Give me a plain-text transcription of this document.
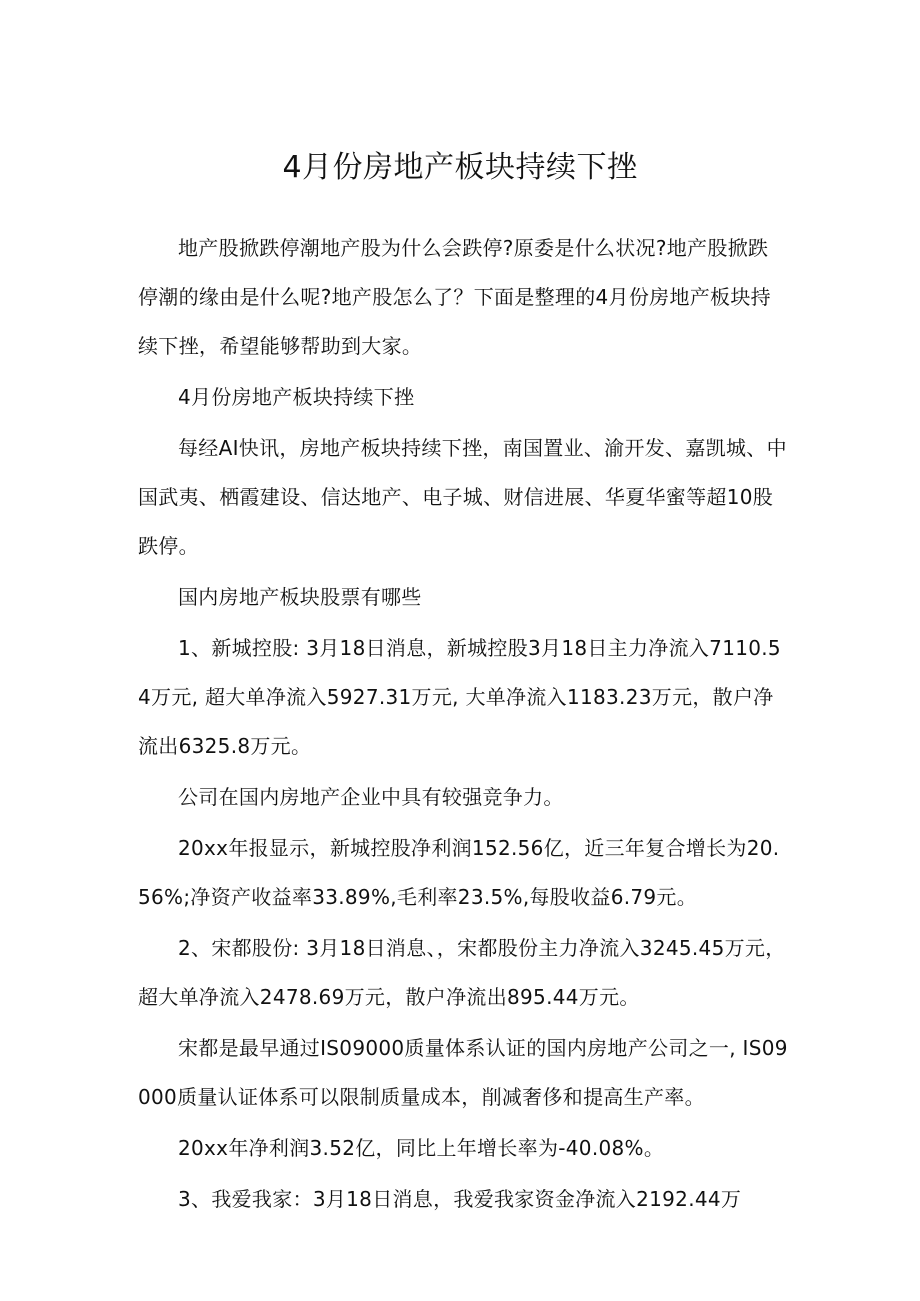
4月份房地产板块持续下挫

地产股掀跌停潮地产股为什么会跌停?原委是什么状况?地产股掀跌停潮的缘由是什么呢?地产股怎么了？下面是整理的4月份房地产板块持续下挫，希望能够帮助到大家。

4月份房地产板块持续下挫

每经AI快讯，房地产板块持续下挫，南国置业、渝开发、嘉凯城、中国武夷、栖霞建设、信达地产、电子城、财信进展、华夏华蜜等超10股跌停。

国内房地产板块股票有哪些

1、新城控股: 3月18日消息，新城控股3月18日主力净流入7110.54万元, 超大单净流入5927.31万元, 大单净流入1183.23万元，散户净流出6325.8万元。

公司在国内房地产企业中具有较强竞争力。

20xx年报显示，新城控股净利润152.56亿，近三年复合增长为20.56%;净资产收益率33.89%,毛利率23.5%,每股收益6.79元。

2、宋都股份: 3月18日消息、，宋都股份主力净流入3245.45万元，超大单净流入2478.69万元，散户净流出895.44万元。

宋都是最早通过IS09000质量体系认证的国内房地产公司之一, IS09000质量认证体系可以限制质量成本，削减奢侈和提高生产率。

20xx年净利润3.52亿，同比上年增长率为-40.08%。

3、我爱我家：3月18日消息，我爱我家资金净流入2192.44万
